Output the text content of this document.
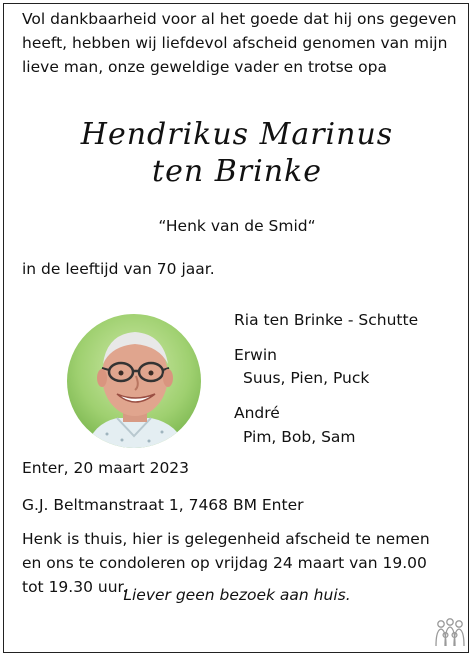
Vol dankbaarheid voor al het goede dat hij ons gegeven
heeft, hebben wij liefdevol afscheid genomen van mijn
lieve man, onze geweldige vader en trotse opa
Hendrikus Marinus
ten Brinke
“Henk van de Smid“
in de leeftijd van 70 jaar.
Ria ten Brinke - Schutte
Erwin
Suus, Pien, Puck
André
Pim, Bob, Sam
Enter, 20 maart 2023
G.J. Beltmanstraat 1, 7468 BM Enter
Henk is thuis, hier is gelegenheid afscheid te nemen
en ons te condoleren op vrijdag 24 maart van 19.00
tot 19.30 uur.
Liever geen bezoek aan huis.
